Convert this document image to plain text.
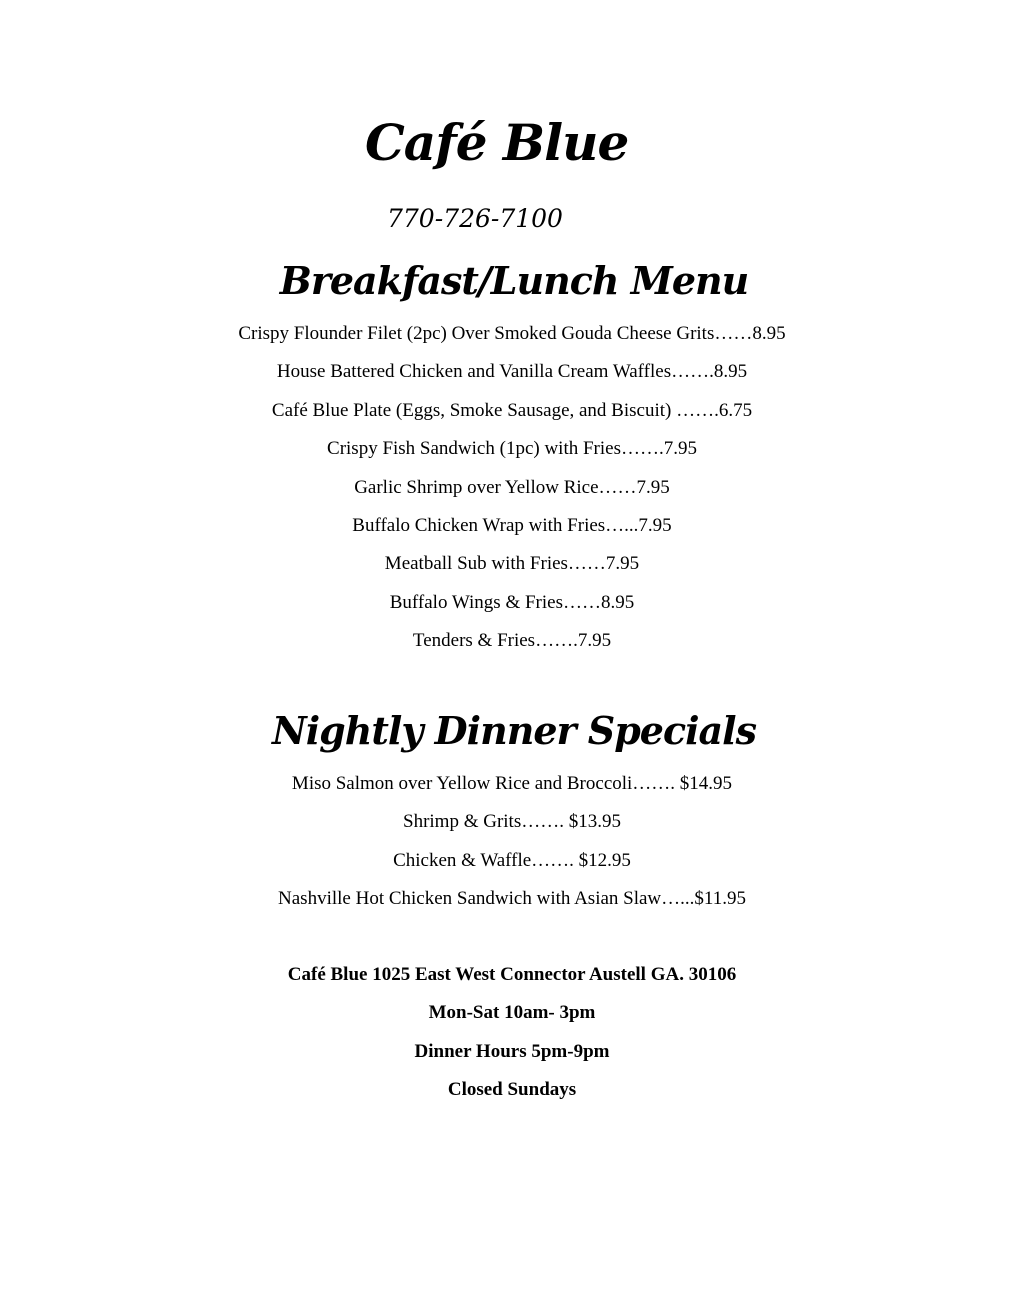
Café Blue
770-726-7100
Breakfast/Lunch Menu
Crispy Flounder Filet (2pc) Over Smoked Gouda Cheese Grits……8.95
House Battered Chicken and Vanilla Cream Waffles…….8.95
Café Blue Plate (Eggs, Smoke Sausage, and Biscuit) …….6.75
Crispy Fish Sandwich (1pc) with Fries…….7.95
Garlic Shrimp over Yellow Rice……7.95
Buffalo Chicken Wrap with Fries…...7.95
Meatball Sub with Fries……7.95
Buffalo Wings & Fries……8.95
Tenders & Fries…….7.95
Nightly Dinner Specials
Miso Salmon over Yellow Rice and Broccoli……. $14.95
Shrimp & Grits……. $13.95
Chicken & Waffle……. $12.95
Nashville Hot Chicken Sandwich with Asian Slaw…...$11.95
Café Blue 1025 East West Connector Austell GA. 30106
Mon-Sat 10am- 3pm
Dinner Hours 5pm-9pm
Closed Sundays
